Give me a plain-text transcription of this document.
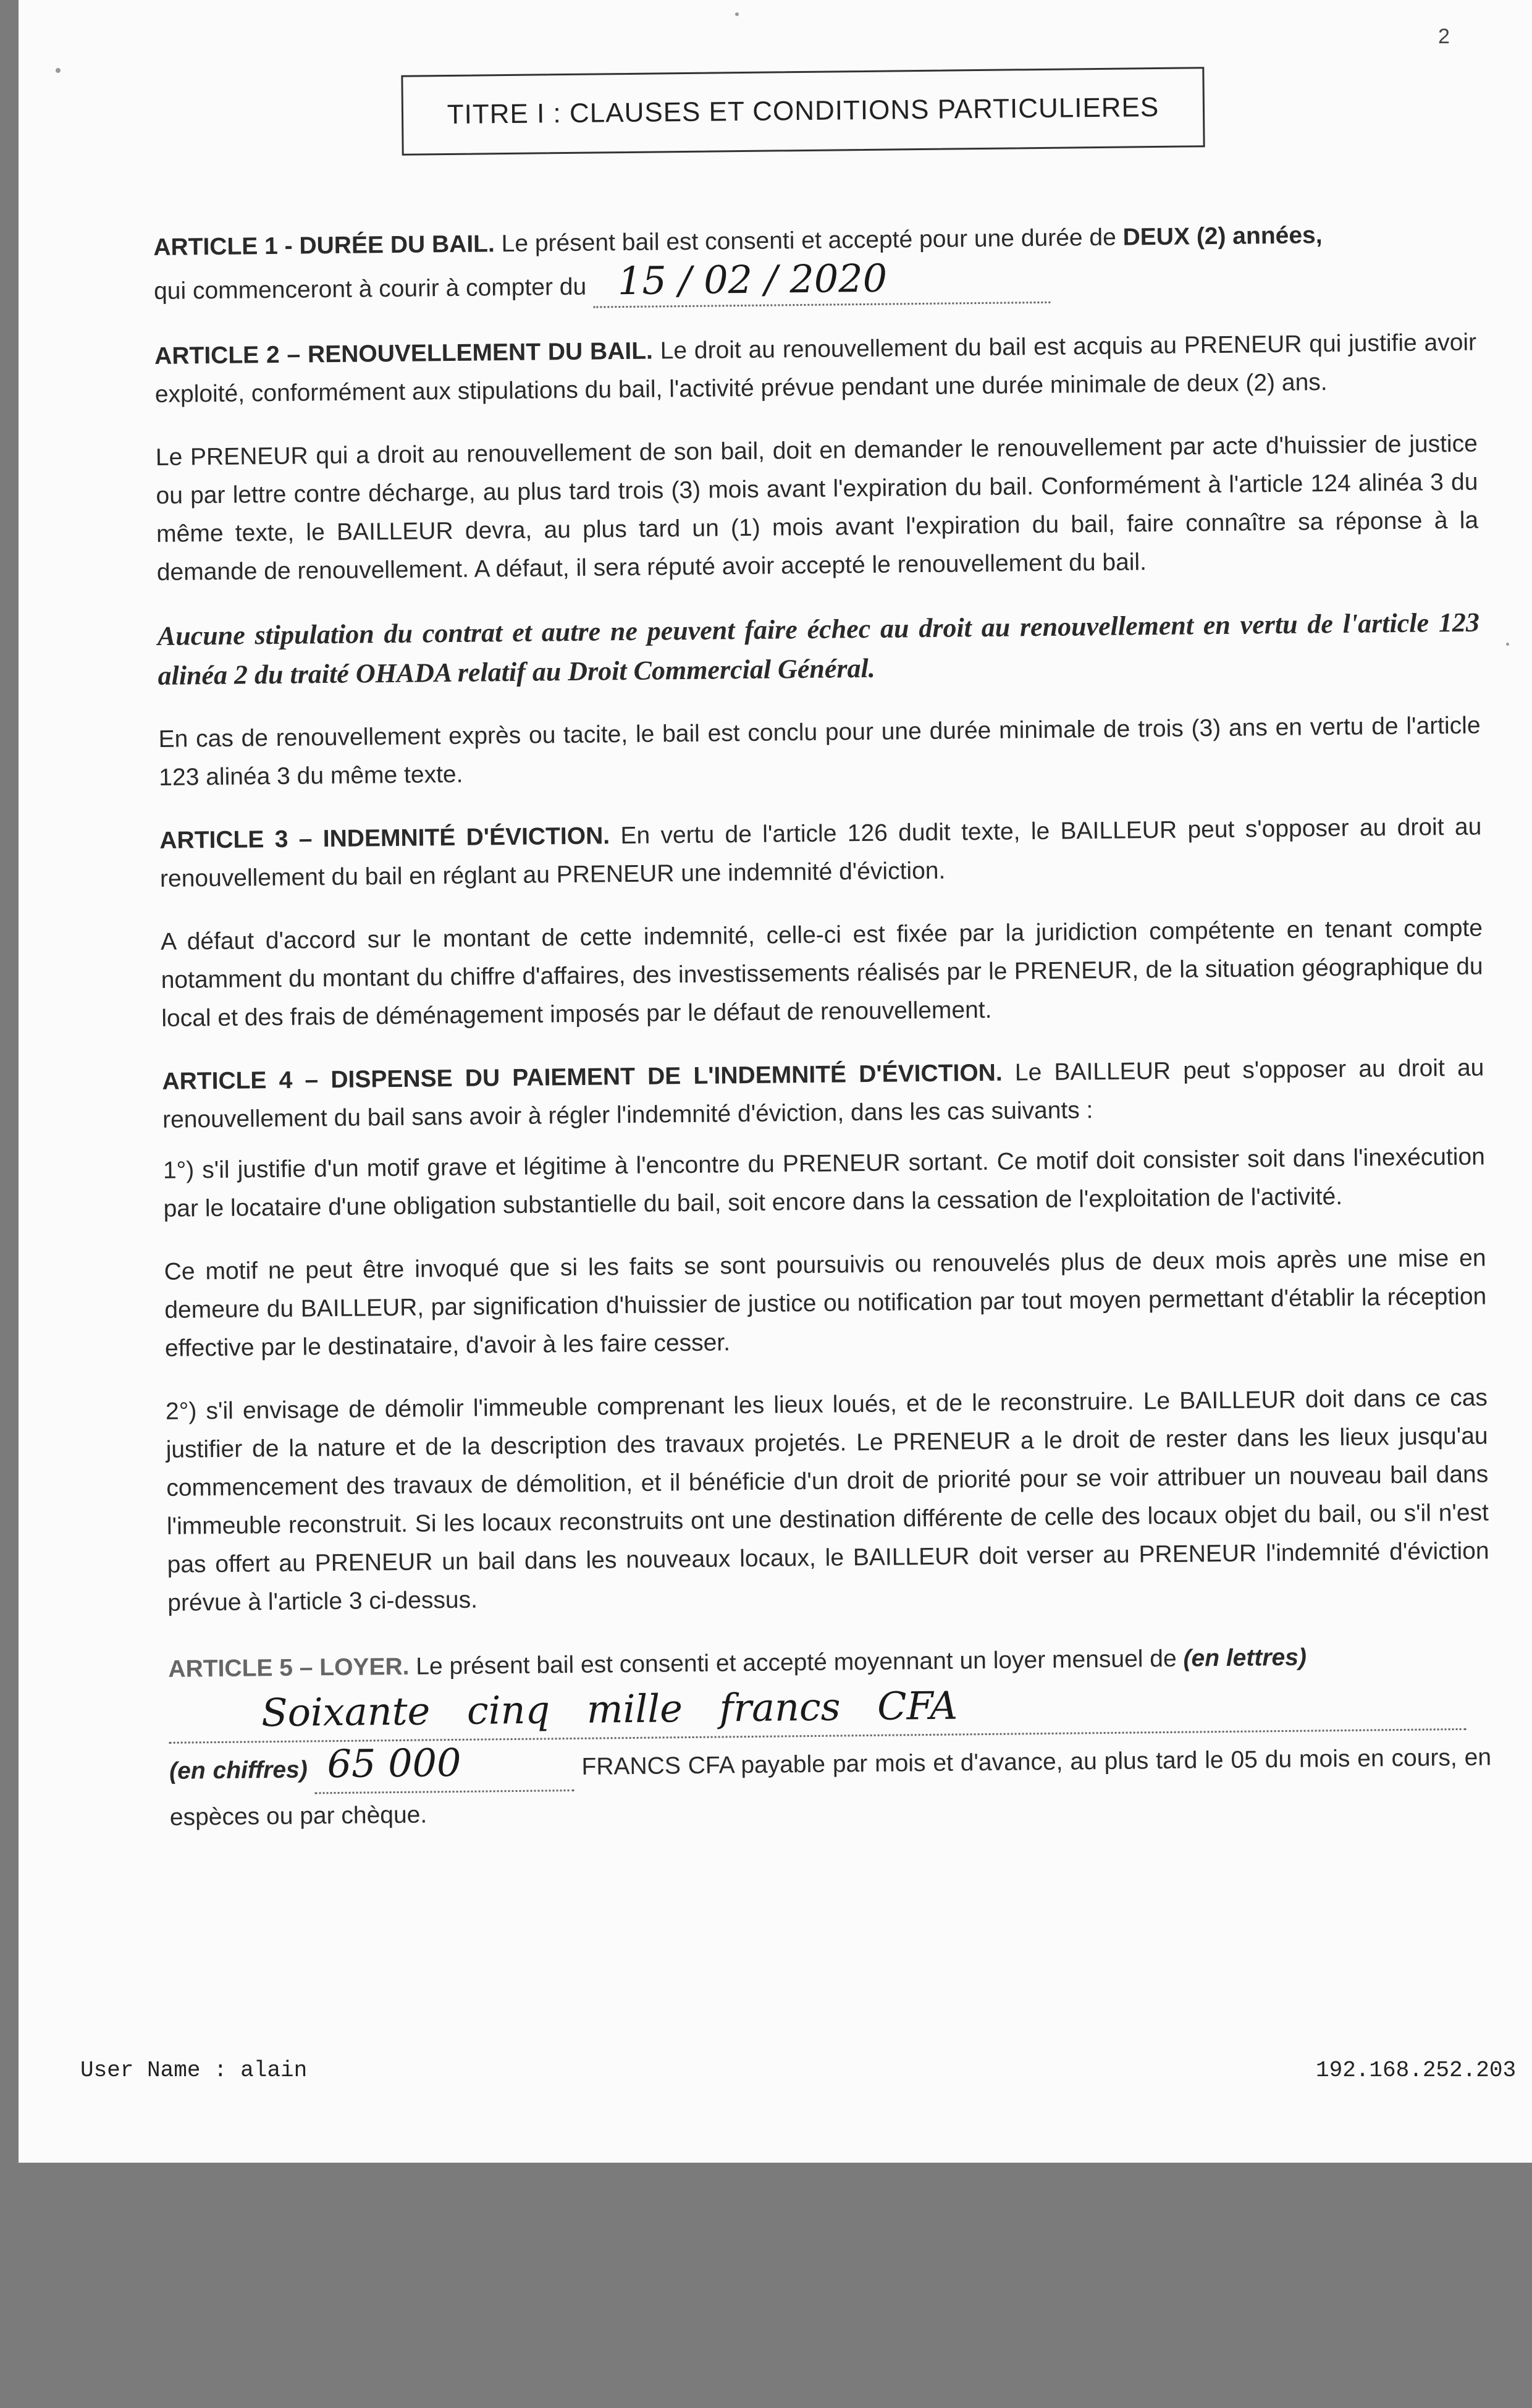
2
TITRE I : CLAUSES ET CONDITIONS PARTICULIERES

ARTICLE 1 - DURÉE DU BAIL. Le présent bail est consenti et accepté pour une durée de DEUX (2) années,
qui commenceront à courir à compter du 15 / 02 / 2020

ARTICLE 2 – RENOUVELLEMENT DU BAIL. Le droit au renouvellement du bail est acquis au PRENEUR qui justifie avoir exploité, conformément aux stipulations du bail, l'activité prévue pendant une durée minimale de deux (2) ans.

Le PRENEUR qui a droit au renouvellement de son bail, doit en demander le renouvellement par acte d'huissier de justice ou par lettre contre décharge, au plus tard trois (3) mois avant l'expiration du bail. Conformément à l'article 124 alinéa 3 du même texte, le BAILLEUR devra, au plus tard un (1) mois avant l'expiration du bail, faire connaître sa réponse à la demande de renouvellement. A défaut, il sera réputé avoir accepté le renouvellement du bail.

Aucune stipulation du contrat et autre ne peuvent faire échec au droit au renouvellement en vertu de l'article 123 alinéa 2 du traité OHADA relatif au Droit Commercial Général.

En cas de renouvellement exprès ou tacite, le bail est conclu pour une durée minimale de trois (3) ans en vertu de l'article 123 alinéa 3 du même texte.

ARTICLE 3 – INDEMNITÉ D'ÉVICTION. En vertu de l'article 126 dudit texte, le BAILLEUR peut s'opposer au droit au renouvellement du bail en réglant au PRENEUR une indemnité d'éviction.

A défaut d'accord sur le montant de cette indemnité, celle-ci est fixée par la juridiction compétente en tenant compte notamment du montant du chiffre d'affaires, des investissements réalisés par le PRENEUR, de la situation géographique du local et des frais de déménagement imposés par le défaut de renouvellement.

ARTICLE 4 – DISPENSE DU PAIEMENT DE L'INDEMNITÉ D'ÉVICTION. Le BAILLEUR peut s'opposer au droit au renouvellement du bail sans avoir à régler l'indemnité d'éviction, dans les cas suivants :

1°) s'il justifie d'un motif grave et légitime à l'encontre du PRENEUR sortant. Ce motif doit consister soit dans l'inexécution par le locataire d'une obligation substantielle du bail, soit encore dans la cessation de l'exploitation de l'activité.

Ce motif ne peut être invoqué que si les faits se sont poursuivis ou renouvelés plus de deux mois après une mise en demeure du BAILLEUR, par signification d'huissier de justice ou notification par tout moyen permettant d'établir la réception effective par le destinataire, d'avoir à les faire cesser.

2°) s'il envisage de démolir l'immeuble comprenant les lieux loués, et de le reconstruire. Le BAILLEUR doit dans ce cas justifier de la nature et de la description des travaux projetés. Le PRENEUR a le droit de rester dans les lieux jusqu'au commencement des travaux de démolition, et il bénéficie d'un droit de priorité pour se voir attribuer un nouveau bail dans l'immeuble reconstruit. Si les locaux reconstruits ont une destination différente de celle des locaux objet du bail, ou s'il n'est pas offert au PRENEUR un bail dans les nouveaux locaux, le BAILLEUR doit verser au PRENEUR l'indemnité d'éviction prévue à l'article 3 ci-dessus.

ARTICLE 5 – LOYER. Le présent bail est consenti et accepté moyennant un loyer mensuel de (en lettres)
Soixante cinq mille francs CFA
(en chiffres) 65 000	FRANCS CFA payable par mois et d'avance, au plus tard le 05 du mois en cours, en espèces ou par chèque.

User Name : alain	192.168.252.203
